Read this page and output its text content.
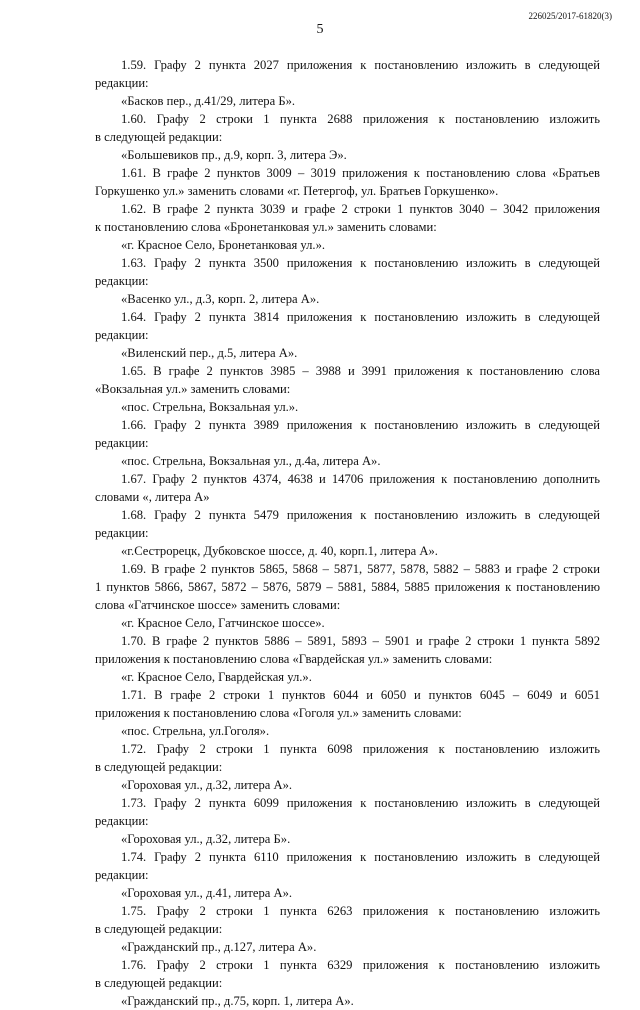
226025/2017-61820(3)
5
1.59. Графу 2 пункта 2027 приложения к постановлению изложить в следующей
редакции:
«Басков пер., д.41/29, литера Б».
1.60. Графу 2 строки 1 пункта 2688 приложения к постановлению изложить
в следующей редакции:
«Большевиков пр., д.9, корп. 3, литера Э».
1.61. В графе 2 пунктов 3009 – 3019 приложения к постановлению слова «Братьев
Горкушенко ул.» заменить словами «г. Петергоф, ул. Братьев Горкушенко».
1.62. В графе 2 пункта 3039 и графе 2 строки 1 пунктов 3040 – 3042 приложения
к постановлению слова «Бронетанковая ул.» заменить словами:
«г. Красное Село, Бронетанковая ул.».
1.63. Графу 2 пункта 3500 приложения к постановлению изложить в следующей
редакции:
«Васенко ул., д.3, корп. 2, литера А».
1.64. Графу 2 пункта 3814 приложения к постановлению изложить в следующей
редакции:
«Виленский пер., д.5, литера А».
1.65. В графе 2 пунктов 3985 – 3988 и 3991 приложения к постановлению слова
«Вокзальная ул.» заменить словами:
«пос. Стрельна, Вокзальная ул.».
1.66. Графу 2 пункта 3989 приложения к постановлению изложить в следующей
редакции:
«пос. Стрельна, Вокзальная ул., д.4а, литера А».
1.67. Графу 2 пунктов 4374, 4638 и 14706 приложения к постановлению дополнить
словами «, литера А»
1.68. Графу 2 пункта 5479 приложения к постановлению изложить в следующей
редакции:
«г.Сестрорецк, Дубковское шоссе, д. 40, корп.1, литера А».
1.69. В графе 2 пунктов 5865, 5868 – 5871, 5877, 5878, 5882 – 5883 и графе 2 строки
1 пунктов 5866, 5867, 5872 – 5876, 5879 – 5881, 5884, 5885 приложения к постановлению
слова «Гатчинское шоссе» заменить словами:
«г. Красное Село, Гатчинское шоссе».
1.70. В графе 2 пунктов 5886 – 5891, 5893 – 5901 и графе 2 строки 1 пункта 5892
приложения к постановлению слова «Гвардейская ул.» заменить словами:
«г. Красное Село, Гвардейская ул.».
1.71. В графе 2 строки 1 пунктов 6044 и 6050 и пунктов 6045 – 6049 и 6051
приложения к постановлению слова «Гоголя ул.» заменить словами:
«пос. Стрельна, ул.Гоголя».
1.72. Графу 2 строки 1 пункта 6098 приложения к постановлению изложить
в следующей редакции:
«Гороховая ул., д.32, литера А».
1.73. Графу 2 пункта 6099 приложения к постановлению изложить в следующей
редакции:
«Гороховая ул., д.32, литера Б».
1.74. Графу 2 пункта 6110 приложения к постановлению изложить в следующей
редакции:
«Гороховая ул., д.41, литера А».
1.75. Графу 2 строки 1 пункта 6263 приложения к постановлению изложить
в следующей редакции:
«Гражданский пр., д.127, литера А».
1.76. Графу 2 строки 1 пункта 6329 приложения к постановлению изложить
в следующей редакции:
«Гражданский пр., д.75, корп. 1, литера А».
